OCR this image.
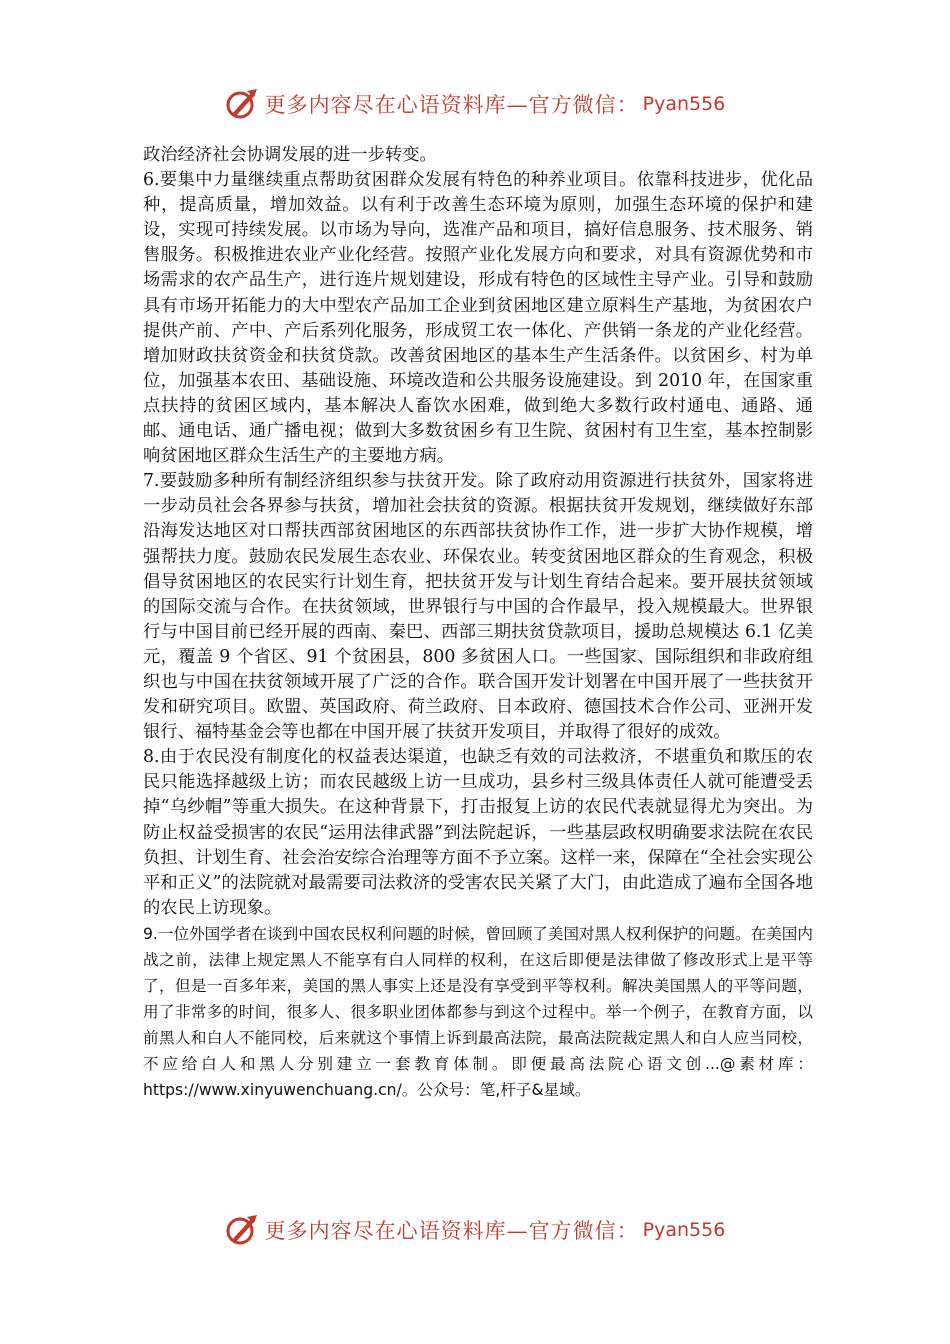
更多内容尽在心语资料库—官方微信： Pyan556

政治经济社会协调发展的进一步转变。

6.要集中力量继续重点帮助贫困群众发展有特色的种养业项目。依靠科技进步，优化品种，提高质量，增加效益。以有利于改善生态环境为原则，加强生态环境的保护和建设，实现可持续发展。以市场为导向，选准产品和项目，搞好信息服务、技术服务、销售服务。积极推进农业产业化经营。按照产业化发展方向和要求，对具有资源优势和市场需求的农产品生产，进行连片规划建设，形成有特色的区域性主导产业。引导和鼓励具有市场开拓能力的大中型农产品加工企业到贫困地区建立原料生产基地，为贫困农户提供产前、产中、产后系列化服务，形成贸工农一体化、产供销一条龙的产业化经营。增加财政扶贫资金和扶贫贷款。改善贫困地区的基本生产生活条件。以贫困乡、村为单位，加强基本农田、基础设施、环境改造和公共服务设施建设。到 2010 年，在国家重点扶持的贫困区域内，基本解决人畜饮水困难，做到绝大多数行政村通电、通路、通邮、通电话、通广播电视；做到大多数贫困乡有卫生院、贫困村有卫生室，基本控制影响贫困地区群众生活生产的主要地方病。

7.要鼓励多种所有制经济组织参与扶贫开发。除了政府动用资源进行扶贫外，国家将进一步动员社会各界参与扶贫，增加社会扶贫的资源。根据扶贫开发规划，继续做好东部沿海发达地区对口帮扶西部贫困地区的东西部扶贫协作工作，进一步扩大协作规模，增强帮扶力度。鼓励农民发展生态农业、环保农业。转变贫困地区群众的生育观念，积极倡导贫困地区的农民实行计划生育，把扶贫开发与计划生育结合起来。要开展扶贫领域的国际交流与合作。在扶贫领域，世界银行与中国的合作最早，投入规模最大。世界银行与中国目前已经开展的西南、秦巴、西部三期扶贫贷款项目，援助总规模达 6.1 亿美元，覆盖 9 个省区、91 个贫困县，800 多贫困人口。一些国家、国际组织和非政府组织也与中国在扶贫领域开展了广泛的合作。联合国开发计划署在中国开展了一些扶贫开发和研究项目。欧盟、英国政府、荷兰政府、日本政府、德国技术合作公司、亚洲开发银行、福特基金会等也都在中国开展了扶贫开发项目，并取得了很好的成效。

8.由于农民没有制度化的权益表达渠道，也缺乏有效的司法救济，不堪重负和欺压的农民只能选择越级上访；而农民越级上访一旦成功，县乡村三级具体责任人就可能遭受丢掉“乌纱帽”等重大损失。在这种背景下，打击报复上访的农民代表就显得尤为突出。为防止权益受损害的农民“运用法律武器”到法院起诉，一些基层政权明确要求法院在农民负担、计划生育、社会治安综合治理等方面不予立案。这样一来，保障在“全社会实现公平和正义”的法院就对最需要司法救济的受害农民关紧了大门，由此造成了遍布全国各地的农民上访现象。

9.一位外国学者在谈到中国农民权利问题的时候，曾回顾了美国对黑人权利保护的问题。在美国内战之前，法律上规定黑人不能享有白人同样的权利，在这后即便是法律做了修改形式上是平等了，但是一百多年来，美国的黑人事实上还是没有享受到平等权利。解决美国黑人的平等问题，用了非常多的时间，很多人、很多职业团体都参与到这个过程中。举一个例子，在教育方面，以前黑人和白人不能同校，后来就这个事情上诉到最高法院，最高法院裁定黑人和白人应当同校，不应给白人和黑人分别建立一套教育体制。即便最高法院心语文创...@素材库：https://www.xinyuwenchuang.cn/。公众号：笔,杆子&星域。

更多内容尽在心语资料库—官方微信： Pyan556
